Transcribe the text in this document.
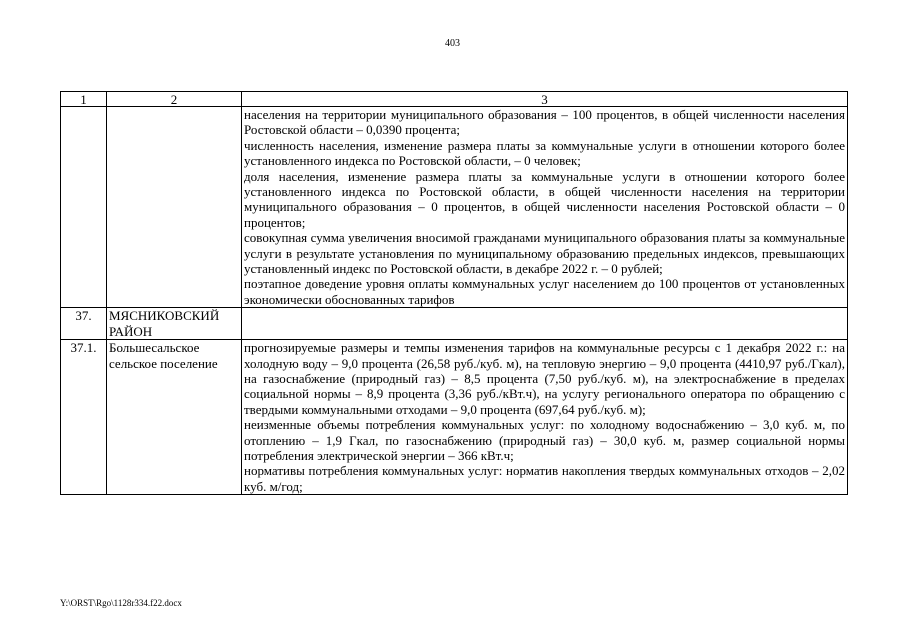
403
1	2	3

		населения на территории муниципального образования – 100 процентов, в общей численности населения Ростовской области – 0,0390 процента;
численность населения, изменение размера платы за коммунальные услуги в отношении которого более установленного индекса по Ростовской области, – 0 человек;
доля населения, изменение размера платы за коммунальные услуги в отношении которого более установленного индекса по Ростовской области, в общей численности населения на территории муниципального образования – 0 процентов, в общей численности населения Ростовской области – 0 процентов;
совокупная сумма увеличения вносимой гражданами муниципального образования платы за коммунальные услуги в результате установления по муниципальному образованию предельных индексов, превышающих установленный индекс по Ростовской области, в декабре 2022 г. – 0 рублей;
поэтапное доведение уровня оплаты коммунальных услуг населением до 100 процентов от установленных экономически обоснованных тарифов

37.	МЯСНИКОВСКИЙ РАЙОН	
37.1.	Большесальское сельское поселение	прогнозируемые размеры и темпы изменения тарифов на коммунальные ресурсы с 1 декабря 2022 г.: на холодную воду – 9,0 процента (26,58 руб./куб. м), на тепловую энергию – 9,0 процента (4410,97 руб./Гкал), на газоснабжение (природный газ) – 8,5 процента (7,50 руб./куб. м), на электроснабжение в пределах социальной нормы – 8,9 процента (3,36 руб./кВт.ч), на услугу регионального оператора по обращению с твердыми коммунальными отходами – 9,0 процента (697,64 руб./куб. м);
неизменные объемы потребления коммунальных услуг: по холодному водоснабжению – 3,0 куб. м, по отоплению – 1,9 Гкал, по газоснабжению (природный газ) – 30,0 куб. м, размер социальной нормы потребления электрической энергии – 366 кВт.ч;
нормативы потребления коммунальных услуг: норматив накопления твердых коммунальных отходов – 2,02 куб. м/год;
Y:\ORST\Rgo\1128r334.f22.docx
